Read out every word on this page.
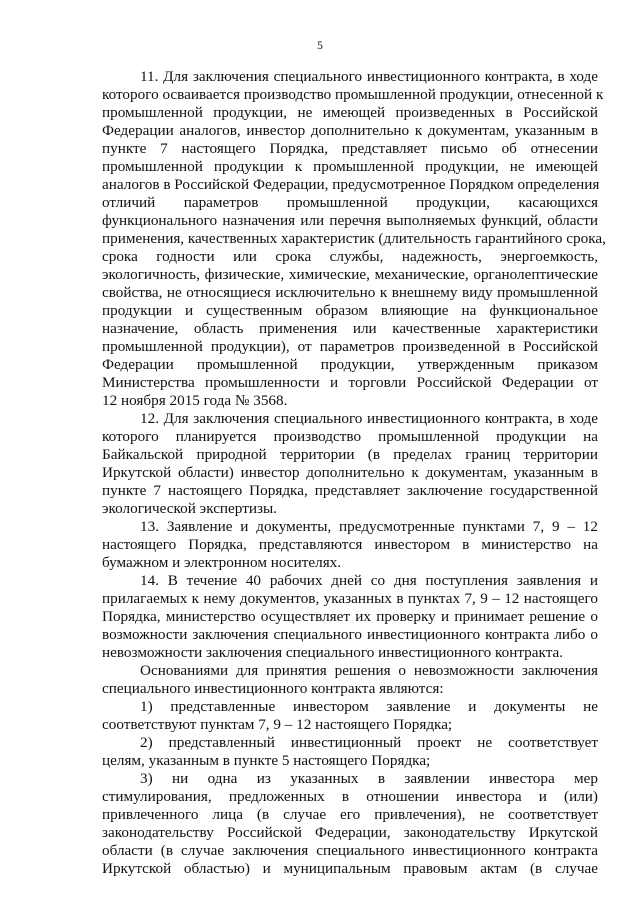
5
11. Для заключения специального инвестиционного контракта, в ходе
которого осваивается производство промышленной продукции, отнесенной к
промышленной продукции, не имеющей произведенных в Российской
Федерации аналогов, инвестор дополнительно к документам, указанным в
пункте 7 настоящего Порядка, представляет письмо об отнесении
промышленной продукции к промышленной продукции, не имеющей
аналогов в Российской Федерации, предусмотренное Порядком определения
отличий параметров промышленной продукции, касающихся
функционального назначения или перечня выполняемых функций, области
применения, качественных характеристик (длительность гарантийного срока,
срока годности или срока службы, надежность, энергоемкость,
экологичность, физические, химические, механические, органолептические
свойства, не относящиеся исключительно к внешнему виду промышленной
продукции и существенным образом влияющие на функциональное
назначение, область применения или качественные характеристики
промышленной продукции), от параметров произведенной в Российской
Федерации промышленной продукции, утвержденным приказом
Министерства промышленности и торговли Российской Федерации от
12 ноября 2015 года № 3568.
12. Для заключения специального инвестиционного контракта, в ходе
которого планируется производство промышленной продукции на
Байкальской природной территории (в пределах границ территории
Иркутской области) инвестор дополнительно к документам, указанным в
пункте 7 настоящего Порядка, представляет заключение государственной
экологической экспертизы.
13. Заявление и документы, предусмотренные пунктами 7, 9 – 12
настоящего Порядка, представляются инвестором в министерство на
бумажном и электронном носителях.
14. В течение 40 рабочих дней со дня поступления заявления и
прилагаемых к нему документов, указанных в пунктах 7, 9 – 12 настоящего
Порядка, министерство осуществляет их проверку и принимает решение о
возможности заключения специального инвестиционного контракта либо о
невозможности заключения специального инвестиционного контракта.
Основаниями для принятия решения о невозможности заключения
специального инвестиционного контракта являются:
1) представленные инвестором заявление и документы не
соответствуют пунктам 7, 9 – 12 настоящего Порядка;
2) представленный инвестиционный проект не соответствует
целям, указанным в пункте 5 настоящего Порядка;
3) ни одна из указанных в заявлении инвестора мер
стимулирования, предложенных в отношении инвестора и (или)
привлеченного лица (в случае его привлечения), не соответствует
законодательству Российской Федерации, законодательству Иркутской
области (в случае заключения специального инвестиционного контракта
Иркутской областью) и муниципальным правовым актам (в случае
